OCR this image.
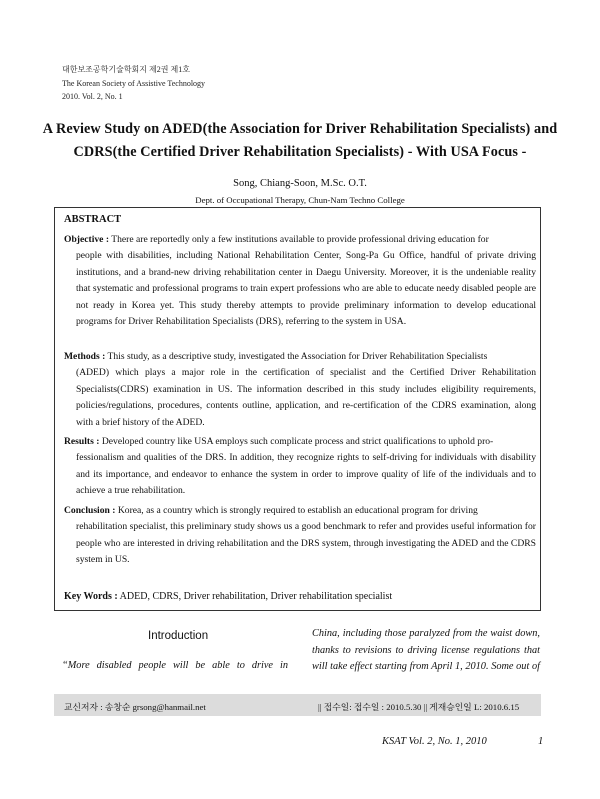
대한보조공학기술학회지 제2권 제1호
The Korean Society of Assistive Technology
2010. Vol. 2, No. 1
A Review Study on ADED(the Association for Driver Rehabilitation Specialists) and
CDRS(the Certified Driver Rehabilitation Specialists) - With USA Focus -
Song, Chiang-Soon, M.Sc. O.T.
Dept. of Occupational Therapy, Chun-Nam Techno College
ABSTRACT
Objective : There are reportedly only a few institutions available to provide professional driving education for
people with disabilities, including National Rehabilitation Center, Song-Pa Gu Office, handful of private driving institutions, and a brand-new driving rehabilitation center in Daegu University. Moreover, it is the undeniable reality that systematic and professional programs to train expert professions who are able to educate needy disabled people are not ready in Korea yet. This study thereby attempts to provide preliminary information to develop educational programs for Driver Rehabilitation Specialists (DRS), referring to the system in USA.
Methods : This study, as a descriptive study, investigated the Association for Driver Rehabilitation Specialists
(ADED) which plays a major role in the certification of specialist and the Certified Driver Rehabilitation Specialists(CDRS) examination in US. The information described in this study includes eligibility requirements, policies/regulations, procedures, contents outline, application, and re-certification of the CDRS examination, along with a brief history of the ADED.
Results : Developed country like USA employs such complicate process and strict qualifications to uphold pro-
fessionalism and qualities of the DRS. In addition, they recognize rights to self-driving for individuals with disability and its importance, and endeavor to enhance the system in order to improve quality of life of the individuals and to achieve a true rehabilitation.
Conclusion : Korea, as a country which is strongly required to establish an educational program for driving
rehabilitation specialist, this preliminary study shows us a good benchmark to refer and provides useful information for people who are interested in driving rehabilitation and the DRS system, through investigating the ADED and the CDRS system in US.
Key Words : ADED, CDRS, Driver rehabilitation, Driver rehabilitation specialist
Introduction
“More disabled people will be able to drive in
China, including those paralyzed from the waist down,
thanks to revisions to driving license regulations that
will take effect starting from April 1, 2010. Some out of
교신저자 : 송창순 grsong@hanmail.net	|| 접수일: 접수일 : 2010.5.30 || 게재승인일 L: 2010.6.15
KSAT Vol. 2, No. 1, 2010	1
